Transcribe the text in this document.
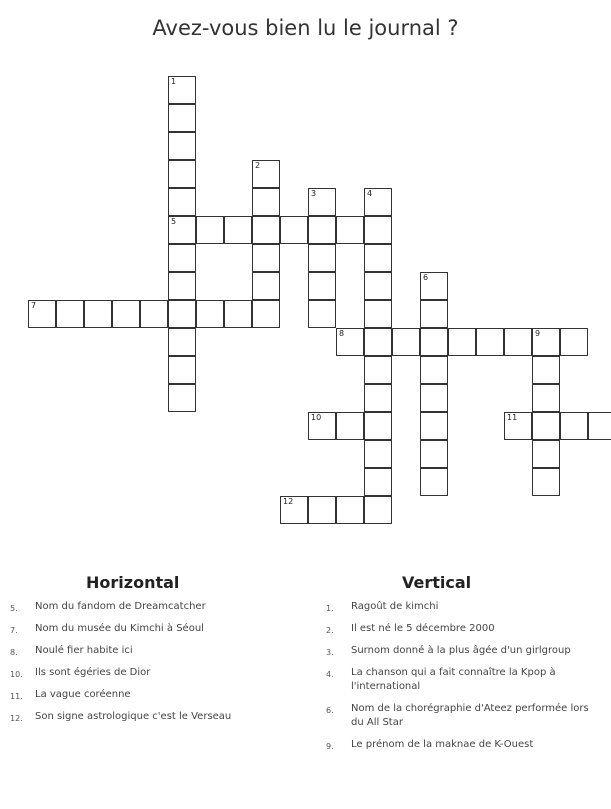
Avez-vous bien lu le journal ?
1
5
2
3	4
6
9
7
8
10	11
12
Horizontal
5. Nom du fandom de Dreamcatcher
7. Nom du musée du Kimchi à Séoul
8. Noulé fier habite ici
10. Ils sont égéries de Dior
11. La vague coréenne
12. Son signe astrologique c'est le Verseau
Vertical
1. Ragoût de kimchi
2. Il est né le 5 décembre 2000
3. Surnom donné à la plus âgée d'un girlgroup
4. La chanson qui a fait connaître la Kpop à l'international
6. Nom de la chorégraphie d'Ateez performée lors du All Star
9. Le prénom de la maknae de K-Ouest
